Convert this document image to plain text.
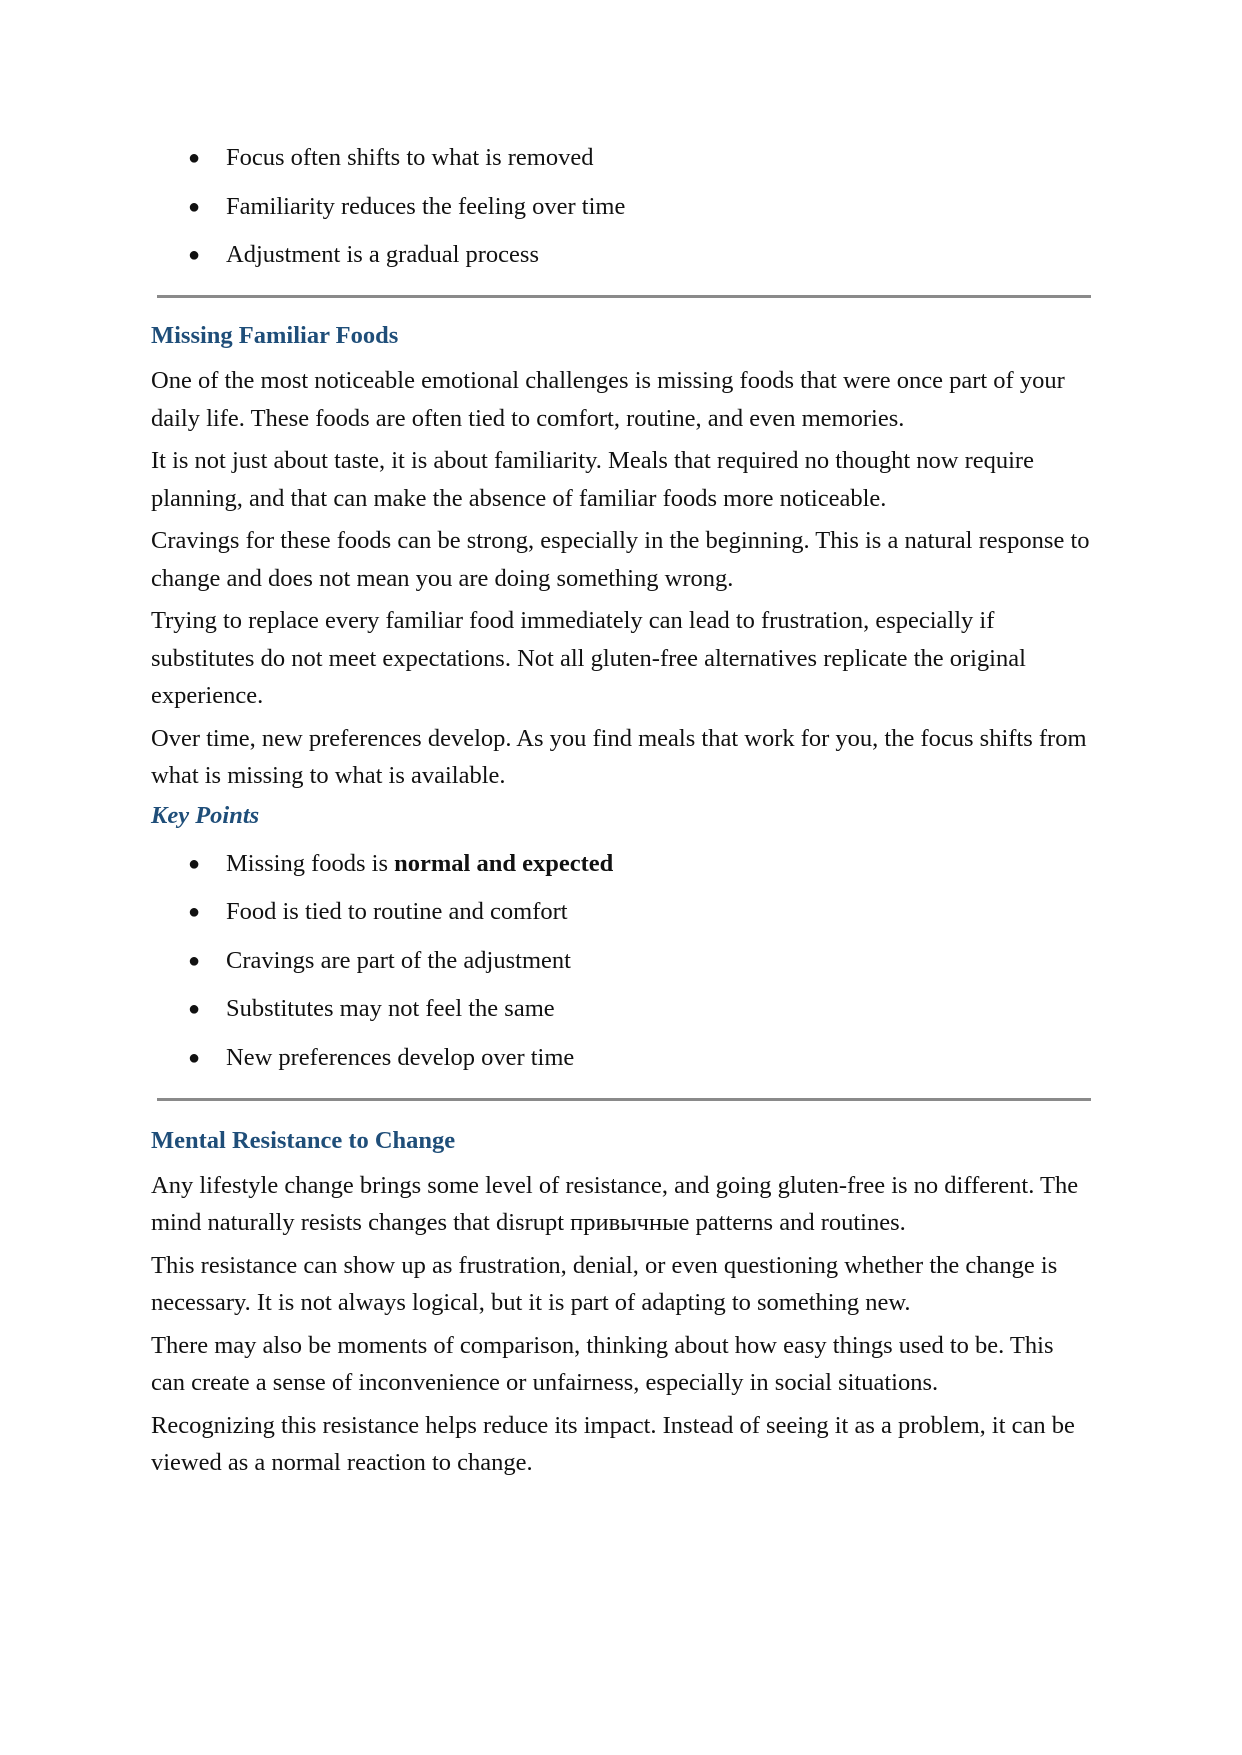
● Focus often shifts to what is removed
● Familiarity reduces the feeling over time
● Adjustment is a gradual process
Missing Familiar Foods

One of the most noticeable emotional challenges is missing foods that were once part of your daily life. These foods are often tied to comfort, routine, and even memories.

It is not just about taste, it is about familiarity. Meals that required no thought now require planning, and that can make the absence of familiar foods more noticeable.

Cravings for these foods can be strong, especially in the beginning. This is a natural response to change and does not mean you are doing something wrong.

Trying to replace every familiar food immediately can lead to frustration, especially if substitutes do not meet expectations. Not all gluten-free alternatives replicate the original experience.

Over time, new preferences develop. As you find meals that work for you, the focus shifts from what is missing to what is available.

Key Points
● Missing foods is normal and expected
● Food is tied to routine and comfort
● Cravings are part of the adjustment
● Substitutes may not feel the same
● New preferences develop over time
Mental Resistance to Change

Any lifestyle change brings some level of resistance, and going gluten-free is no different. The mind naturally resists changes that disrupt привычные patterns and routines.

This resistance can show up as frustration, denial, or even questioning whether the change is necessary. It is not always logical, but it is part of adapting to something new.

There may also be moments of comparison, thinking about how easy things used to be. This can create a sense of inconvenience or unfairness, especially in social situations.

Recognizing this resistance helps reduce its impact. Instead of seeing it as a problem, it can be viewed as a normal reaction to change.
